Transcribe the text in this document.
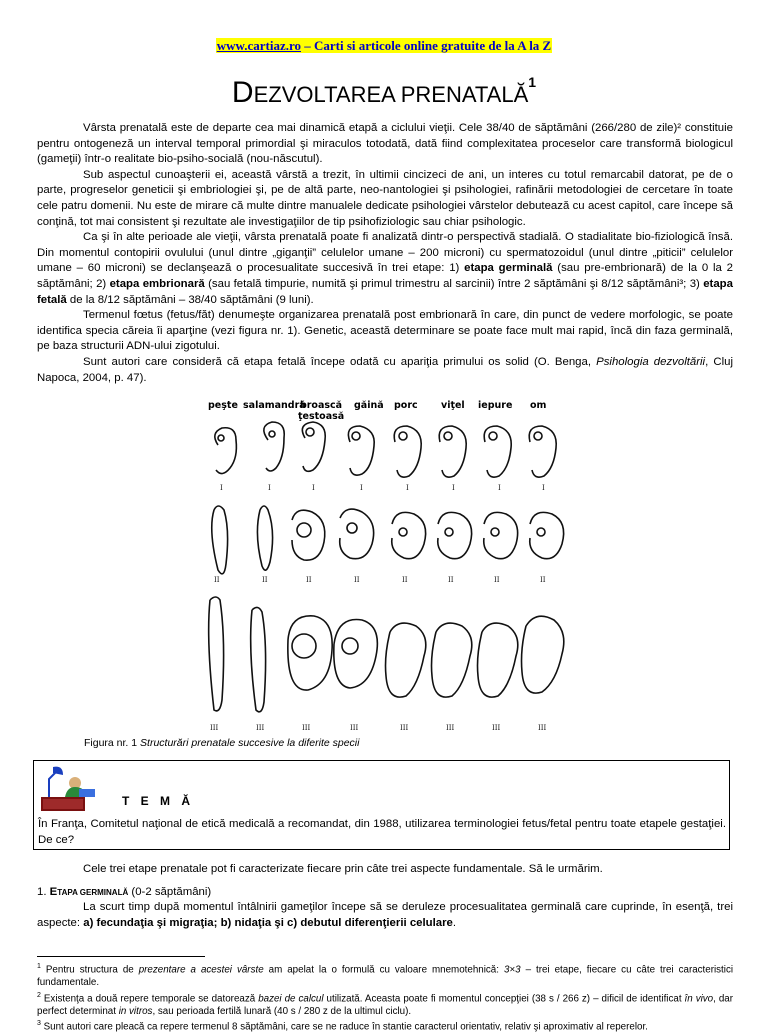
www.cartiaz.ro – Carti si articole online gratuite de la A la Z
DEZVOLTAREA PRENATALĂ$^1$

Vârsta prenatală este de departe cea mai dinamică etapă a ciclului vieţii. Cele 38/40 de săptămâni (266/280 de zile)² constituie pentru ontogeneză un interval temporal primordial şi miraculos totodată, dată fiind complexitatea proceselor care transformă biologicul (gameţii) într-o realitate bio-psiho-socială (nou-născutul).

Sub aspectul cunoaşterii ei, această vârstă a trezit, în ultimii cincizeci de ani, un interes cu totul remarcabil datorat, pe de o parte, progreselor geneticii şi embriologiei şi, pe de altă parte, neo-nantologiei şi psihologiei, rafinării metodologiei de cercetare în toate cele patru domenii. Nu este de mirare că multe dintre manualele dedicate psihologiei vârstelor debutează cu acest capitol, care începe să conţină, tot mai consistent şi rezultate ale investigaţiilor de tip psihofiziologic sau chiar psihologic.

Ca şi în alte perioade ale vieţii, vârsta prenatală poate fi analizată dintr-o perspectivă stadială. O stadialitate bio-fiziologică însă. Din momentul contopirii ovulului (unul dintre „giganţii” celulelor umane – 200 microni) cu spermatozoidul (unul dintre „piticii” celulelor umane – 60 microni) se declanşează o procesualitate succesivă în trei etape: 1) etapa germinală (sau pre-embrionară) de la 0 la 2 săptămâni; 2) etapa embrionară (sau fetală timpurie, numită şi primul trimestru al sarcinii) între 2 săptămâni şi 8/12 săptămâni³; 3) etapa fetală de la 8/12 săptămâni – 38/40 săptămâni (9 luni).

Termenul fœtus (fetus/făt) denumeşte organizarea prenatală post embrionară în care, din punct de vedere morfologic, se poate identifica specia căreia îi aparţine (vezi figura nr. 1). Genetic, această determinare se poate face mult mai rapid, încă din faza germinală, pe baza structurii ADN-ului zigotului.

Sunt autori care consideră că etapa fetală începe odată cu apariţia primului os solid (O. Benga, Psihologia dezvoltării, Cluj Napoca, 2004, p. 47).

peşte salamandră
broască ţestoasă
găină porc viţel iepure om
I	I	I	I	I	I	I	I
II	II	II	II	II	II	II	II
III	III	III	III	III	III	III	III
Figura nr. 1 Structurări prenatale succesive la diferite specii
T E M Ă
În Franţa, Comitetul naţional de etică medicală a recomandat, din 1988, utilizarea terminologiei fetus/fetal pentru toate etapele gestaţiei. De ce?

Cele trei etape prenatale pot fi caracterizate fiecare prin câte trei aspecte fundamentale. Să le urmărim.

1. ETAPA GERMINALĂ (0-2 săptămâni)

La scurt timp după momentul întâlnirii gameţilor începe să se deruleze procesualitatea germinală care cuprinde, în esenţă, trei aspecte: a) fecundaţia şi migraţia; b) nidaţia şi c) debutul diferenţierii celulare.

$^1$ Pentru structura de prezentare a acestei vârste am apelat la o formulă cu valoare mnemotehnică: 3×3 – trei etape, fiecare cu câte trei caracteristici fundamentale.
$^2$ Existenţa a două repere temporale se datorează bazei de calcul utilizată. Aceasta poate fi momentul concepţiei (38 s / 266 z) – dificil de identificat în vivo, dar perfect determinat in vitros, sau perioada fertilă lunară (40 s / 280 z de la ultimul ciclu).
$^3$ Sunt autori care pleacă ca repere termenul 8 săptămâni, care se ne raduce în stantie caracterul orientativ, relativ şi aproximativ al reperelor.
